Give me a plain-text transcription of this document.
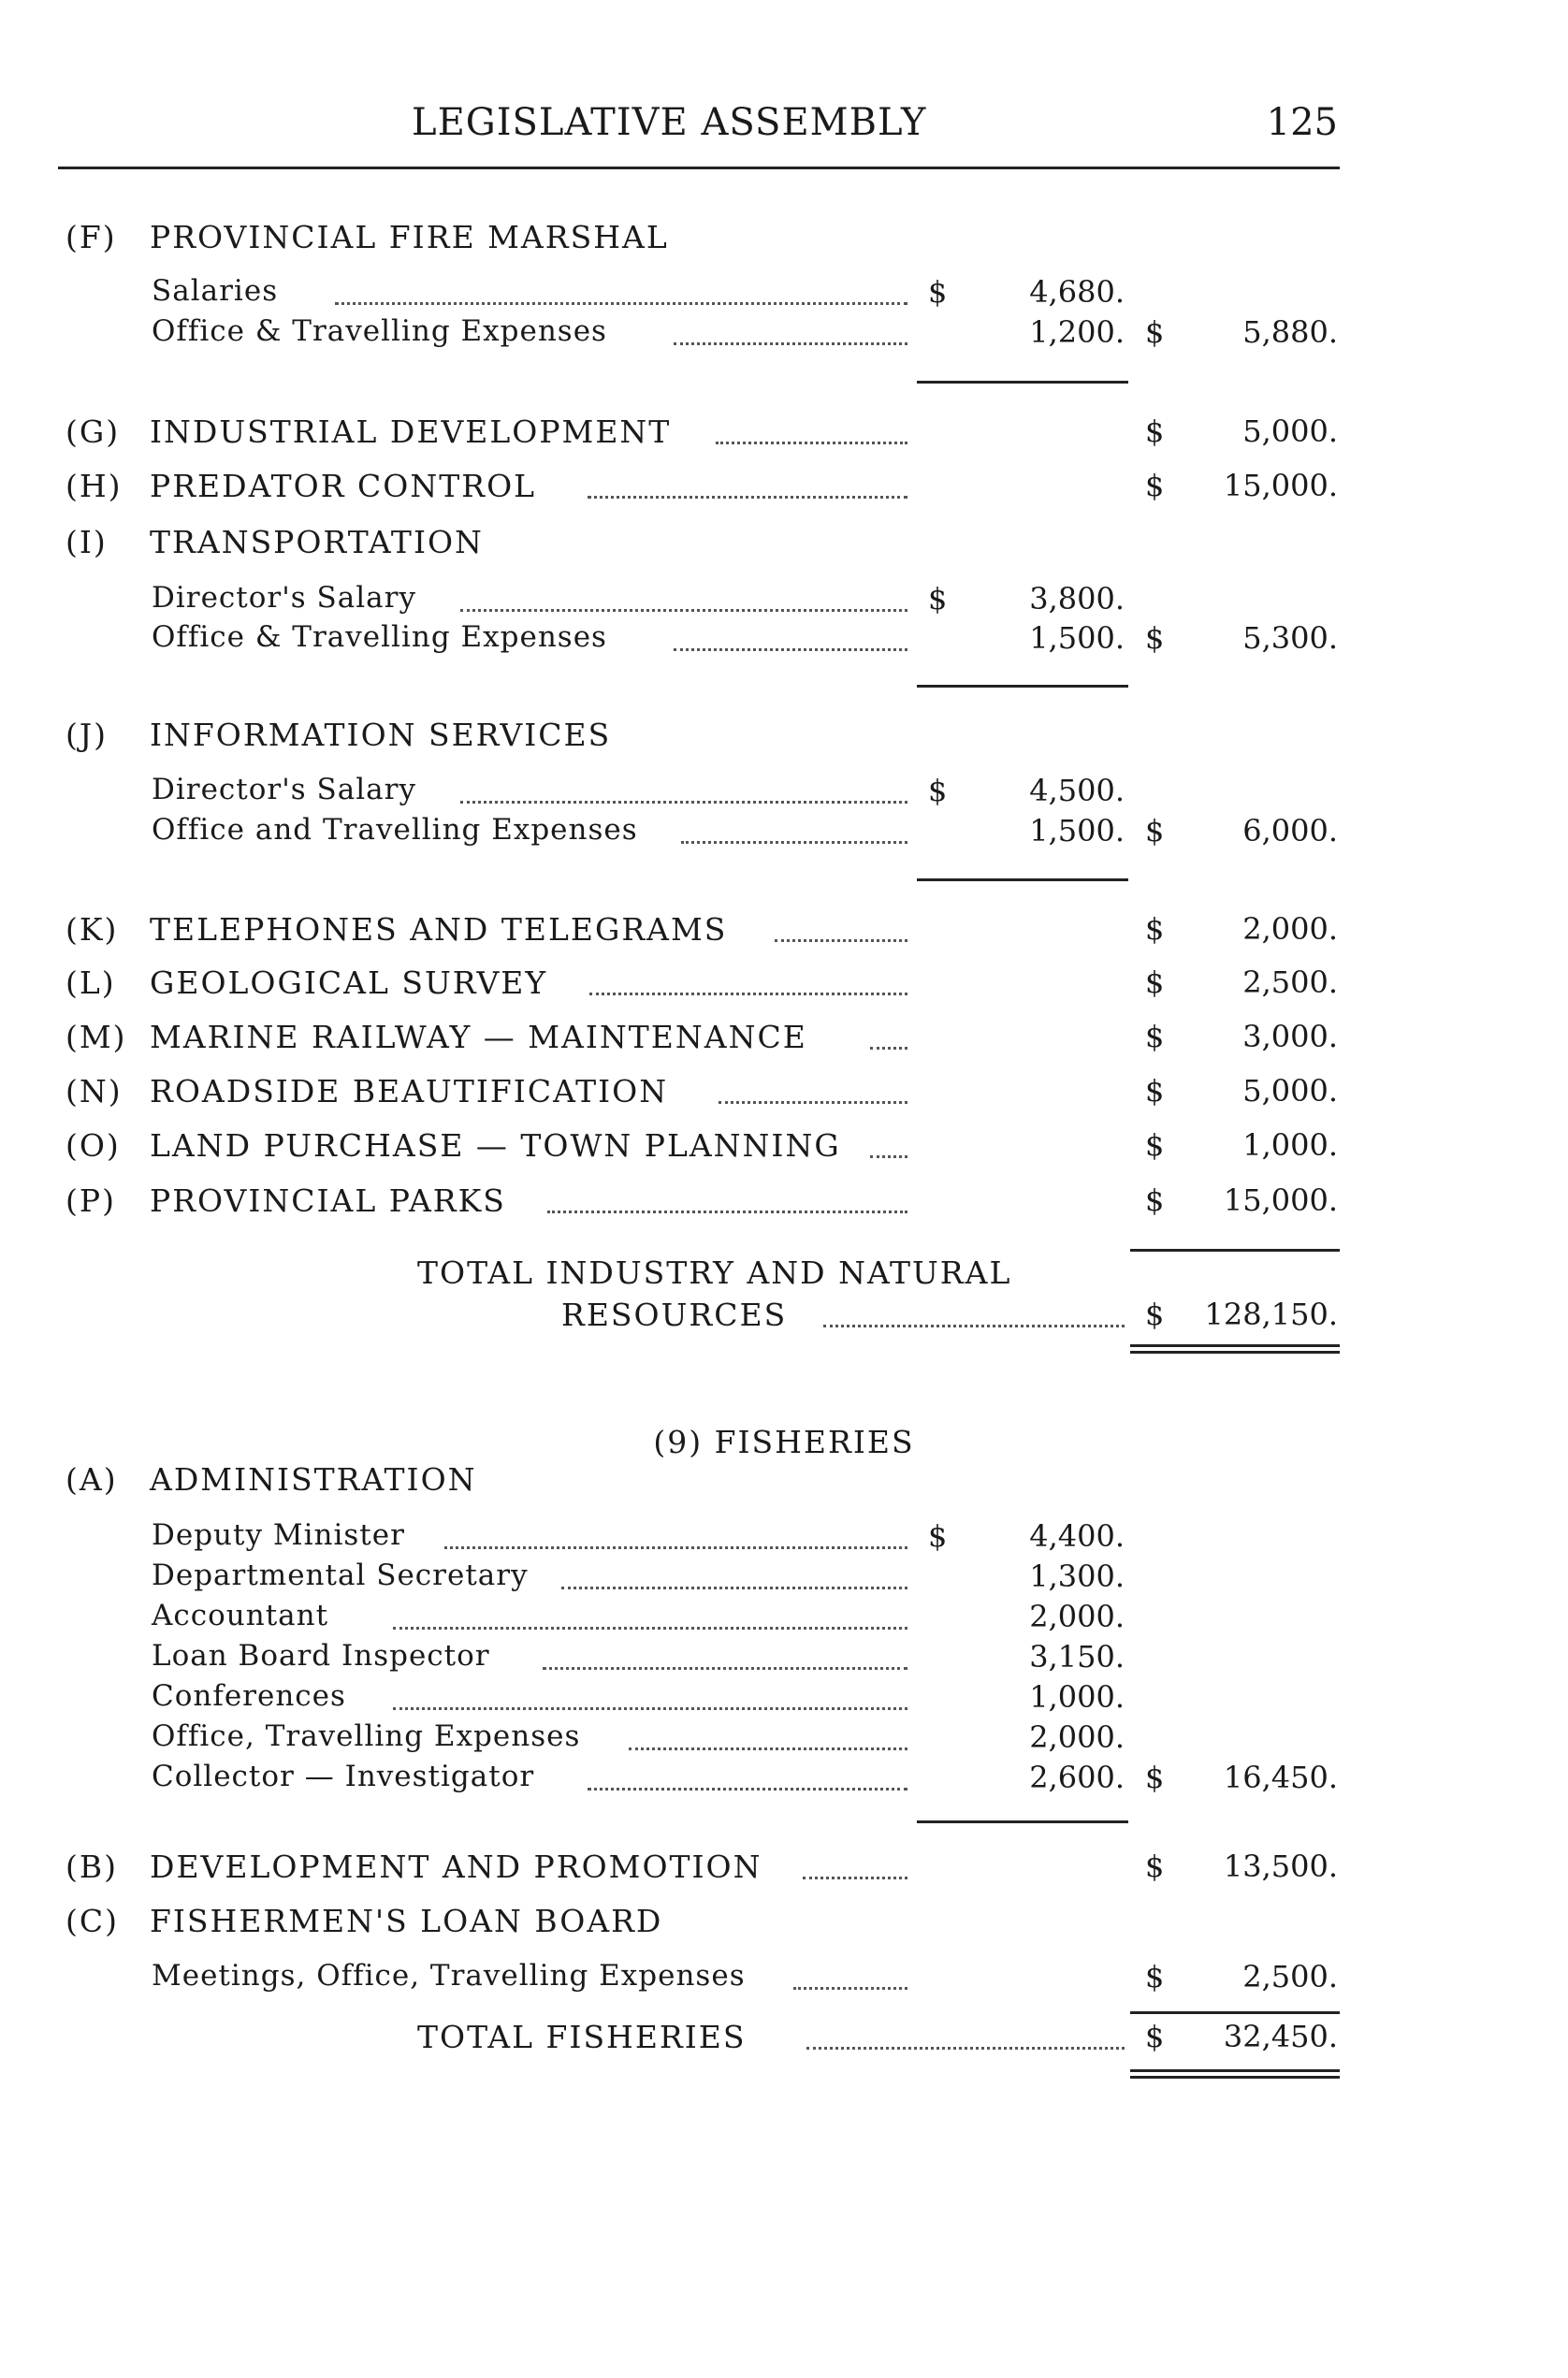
LEGISLATIVE ASSEMBLY	125
(F) PROVINCIAL FIRE MARSHAL
Salaries	$	4,680.
Office & Travelling Expenses	1,200. $	5,880.
(G) INDUSTRIAL DEVELOPMENT	$	5,000.
(H) PREDATOR CONTROL	$ 15,000.
(I) TRANSPORTATION
Director's Salary	$	3,800.
Office & Travelling Expenses	1,500. $	5,300.
(J) INFORMATION SERVICES
Director's Salary	$	4,500.
Office and Travelling Expenses	1,500. $	6,000.
(K) TELEPHONES AND TELEGRAMS	$	2,000.
(L) GEOLOGICAL SURVEY	$	2,500.
(M) MARINE RAILWAY — MAINTENANCE	$	3,000.
(N) ROADSIDE BEAUTIFICATION	$	5,000.
(O) LAND PURCHASE — TOWN PLANNING	$	1,000.
(P) PROVINCIAL PARKS	$ 15,000.
TOTAL INDUSTRY AND NATURAL
RESOURCES	$ 128,150.
(9) FISHERIES
(A) ADMINISTRATION
Deputy Minister	$	4,400.
Departmental Secretary	1,300.
Accountant	2,000.
Loan Board Inspector	3,150.
Conferences	1,000.
Office, Travelling Expenses	2,000.
Collector — Investigator	2,600. $ 16,450.
(B) DEVELOPMENT AND PROMOTION	$ 13,500.
(C) FISHERMEN'S LOAN BOARD
Meetings, Office, Travelling Expenses	$	2,500.
TOTAL FISHERIES	$ 32,450.
